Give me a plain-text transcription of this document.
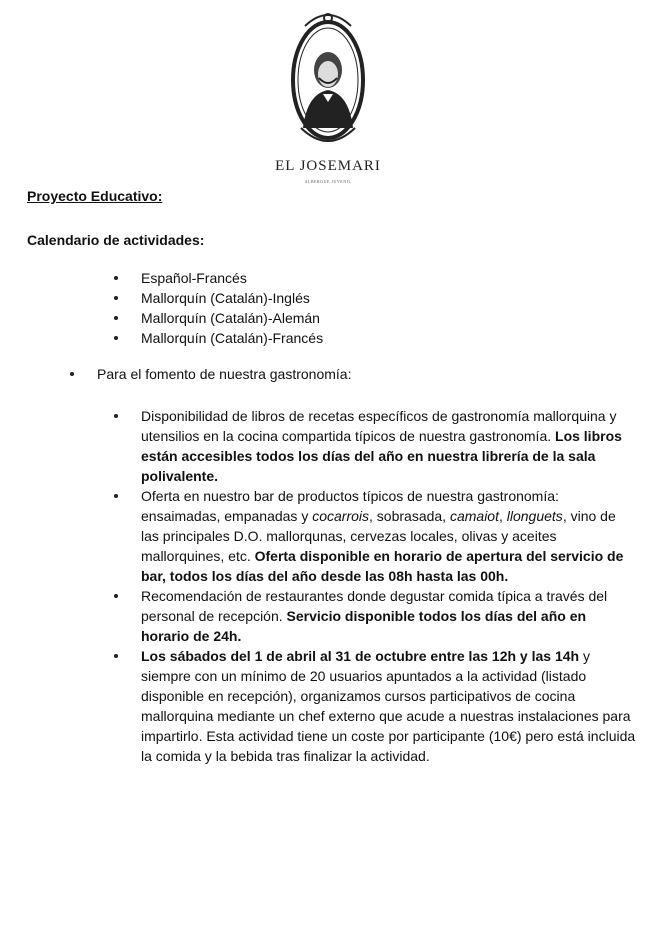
EL JOSEMARI
ALBERGUE JUVENIL

Proyecto Educativo:

Calendario de actividades:

Español-Francés
Mallorquín (Catalán)-Inglés
Mallorquín (Catalán)-Alemán
Mallorquín (Catalán)-Francés
Para el fomento de nuestra gastronomía:
Disponibilidad de libros de recetas específicos de gastronomía mallorquina y utensilios en la cocina compartida típicos de nuestra gastronomía. Los libros están accesibles todos los días del año en nuestra librería de la sala polivalente.
Oferta en nuestro bar de productos típicos de nuestra gastronomía: ensaimadas, empanadas y cocarrois, sobrasada, camaiot, llonguets, vino de las principales D.O. mallorqunas, cervezas locales, olivas y aceites mallorquines, etc. Oferta disponible en horario de apertura del servicio de bar, todos los días del año desde las 08h hasta las 00h.
Recomendación de restaurantes donde degustar comida típica a través del personal de recepción. Servicio disponible todos los días del año en horario de 24h.
Los sábados del 1 de abril al 31 de octubre entre las 12h y las 14h y siempre con un mínimo de 20 usuarios apuntados a la actividad (listado disponible en recepción), organizamos cursos participativos de cocina mallorquina mediante un chef externo que acude a nuestras instalaciones para impartirlo. Esta actividad tiene un coste por participante (10€) pero está incluida la comida y la bebida tras finalizar la actividad.
